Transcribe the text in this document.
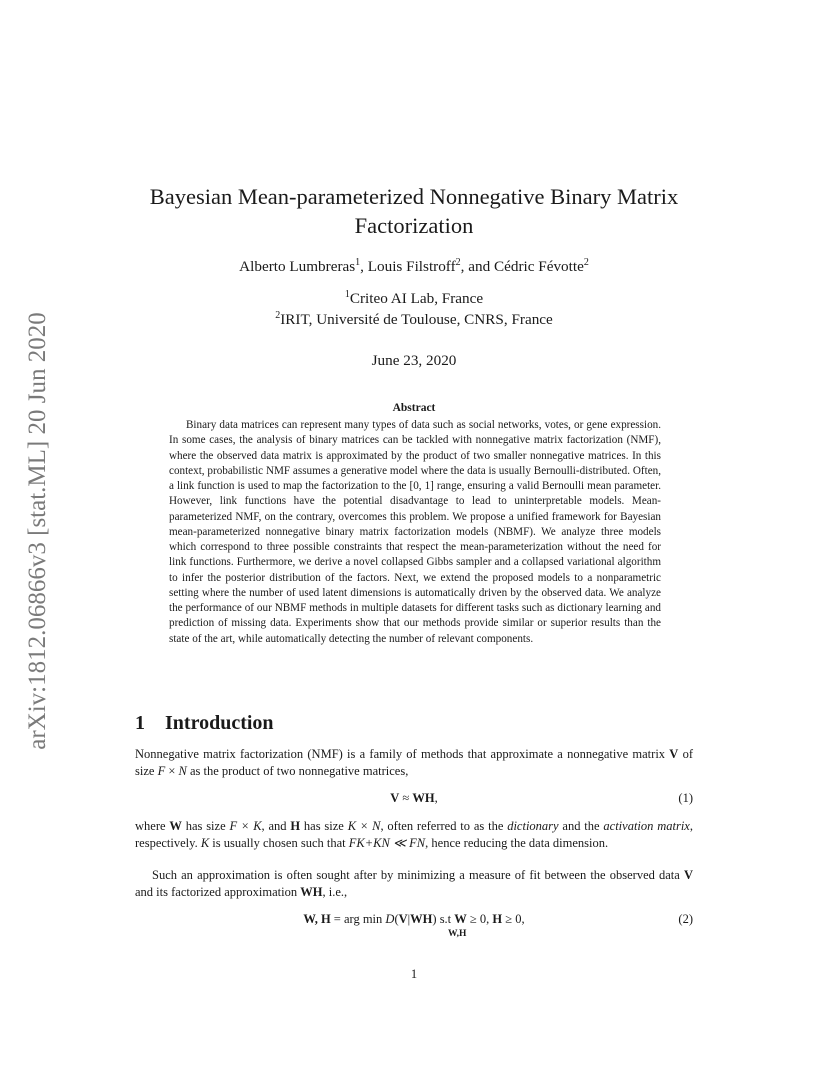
arXiv:1812.06866v3 [stat.ML] 20 Jun 2020
Bayesian Mean-parameterized Nonnegative Binary Matrix
Factorization
Alberto Lumbreras$^1$, Louis Filstroff$^2$, and Cédric Févotte$^2$
$^1$Criteo AI Lab, France
$^2$IRIT, Université de Toulouse, CNRS, France
June 23, 2020
Abstract

Binary data matrices can represent many types of data such as social networks, votes, or gene expression. In some cases, the analysis of binary matrices can be tackled with nonnegative matrix factorization (NMF), where the observed data matrix is approximated by the product of two smaller nonnegative matrices. In this context, probabilistic NMF assumes a generative model where the data is usually Bernoulli-distributed. Often, a link function is used to map the factorization to the [0, 1] range, ensuring a valid Bernoulli mean parameter. However, link functions have the potential disadvantage to lead to uninterpretable models. Mean-parameterized NMF, on the contrary, overcomes this problem. We propose a unified framework for Bayesian mean-parameterized nonnegative binary matrix factorization models (NBMF). We analyze three models which correspond to three possible constraints that respect the mean-parameterization without the need for link functions. Furthermore, we derive a novel collapsed Gibbs sampler and a collapsed variational algorithm to infer the posterior distribution of the factors. Next, we extend the proposed models to a nonparametric setting where the number of used latent dimensions is automatically driven by the observed data. We analyze the performance of our NBMF methods in multiple datasets for different tasks such as dictionary learning and prediction of missing data. Experiments show that our methods provide similar or superior results than the state of the art, while automatically detecting the number of relevant components.

1 Introduction

Nonnegative matrix factorization (NMF) is a family of methods that approximate a nonnegative matrix V of size F × N as the product of two nonnegative matrices,

V ≈ WH,	(1)

where W has size F × K, and H has size K × N, often referred to as the dictionary and the activation matrix, respectively. K is usually chosen such that FK+KN ≪ FN, hence reducing the data dimension.

Such an approximation is often sought after by minimizing a measure of fit between the observed data V and its factorized approximation WH, i.e.,

W, H = arg min D(V|WH) s.t W ≥ 0, H ≥ 0,
W,H
(2)
1
